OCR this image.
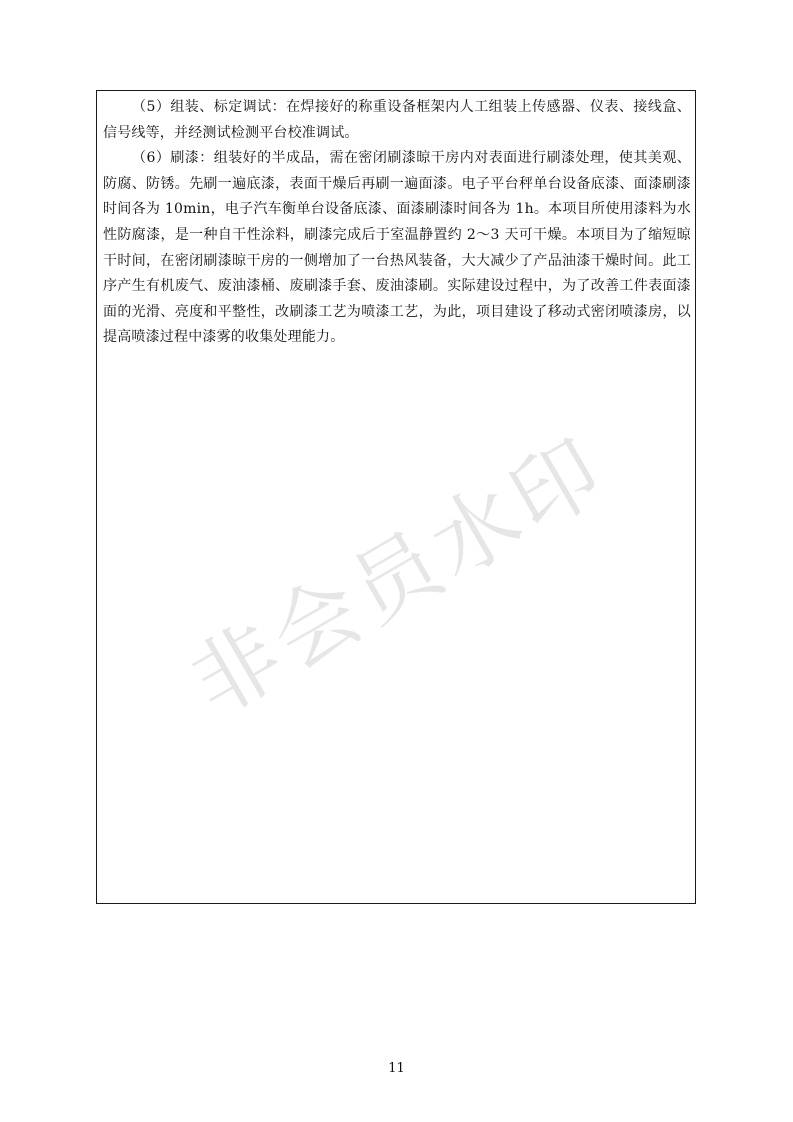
（5）组装、标定调试：在焊接好的称重设备框架内人工组装上传感器、仪表、接线盒、信号线等，并经测试检测平台校准调试。

（6）刷漆：组装好的半成品，需在密闭刷漆晾干房内对表面进行刷漆处理，使其美观、防腐、防锈。先刷一遍底漆，表面干燥后再刷一遍面漆。电子平台秤单台设备底漆、面漆刷漆时间各为 10min，电子汽车衡单台设备底漆、面漆刷漆时间各为 1h。本项目所使用漆料为水性防腐漆，是一种自干性涂料，刷漆完成后于室温静置约 2～3 天可干燥。本项目为了缩短晾干时间，在密闭刷漆晾干房的一侧增加了一台热风装备，大大减少了产品油漆干燥时间。此工序产生有机废气、废油漆桶、废刷漆手套、废油漆刷。实际建设过程中，为了改善工件表面漆面的光滑、亮度和平整性，改刷漆工艺为喷漆工艺，为此，项目建设了移动式密闭喷漆房，以提高喷漆过程中漆雾的收集处理能力。

非会员水印
11
